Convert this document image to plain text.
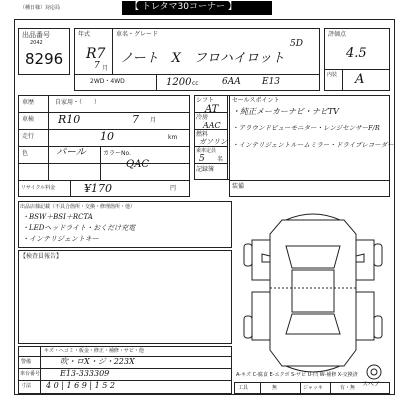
（種日様）対応局	【 トレタマ30コーナー 】
出品番号
2042
8296
年式	車名・グレード
R7
7 月
ノート　X　フロハイロット
5D
2WD・4WD	1200 cc	6AA E13
評価点
4.5
内装 A
車歴	自家用・（　　）
車検 R10	7 月
走行	10	km
色	パール	カラーNo.
QAC
リサイクル料金	¥170	円
シフト
AT
冷房
AAC
燃料
ガソリン
乗車定員
5 名
記録簿
セールスポイント
・純正メーカーナビ・ナビTV
・アラウンドビューモニター・レンジセンサーF/R
・インテリジェントルームミラー・ドライブレコーダー
装備
出品店様記載（不具合箇所・交換・修理箇所・他）
・BSW＋BSI＋RCTA
・LEDヘッドライト・おくだけ充電
・インテリジェントキー
【検査員報告】
スペア
キズ・ヘコミ・板金・修正・補修・サビ・他
警備	吹・ロX・ジ・223X
車台番号 E13-333309
寸法 4 0 | 1 6 9 | 1 5 2
A-キズ C-腐食 E-エクボ S-サビ U-凹 W-補修 X-交換済
工具	無	ジャッキ	有・無
